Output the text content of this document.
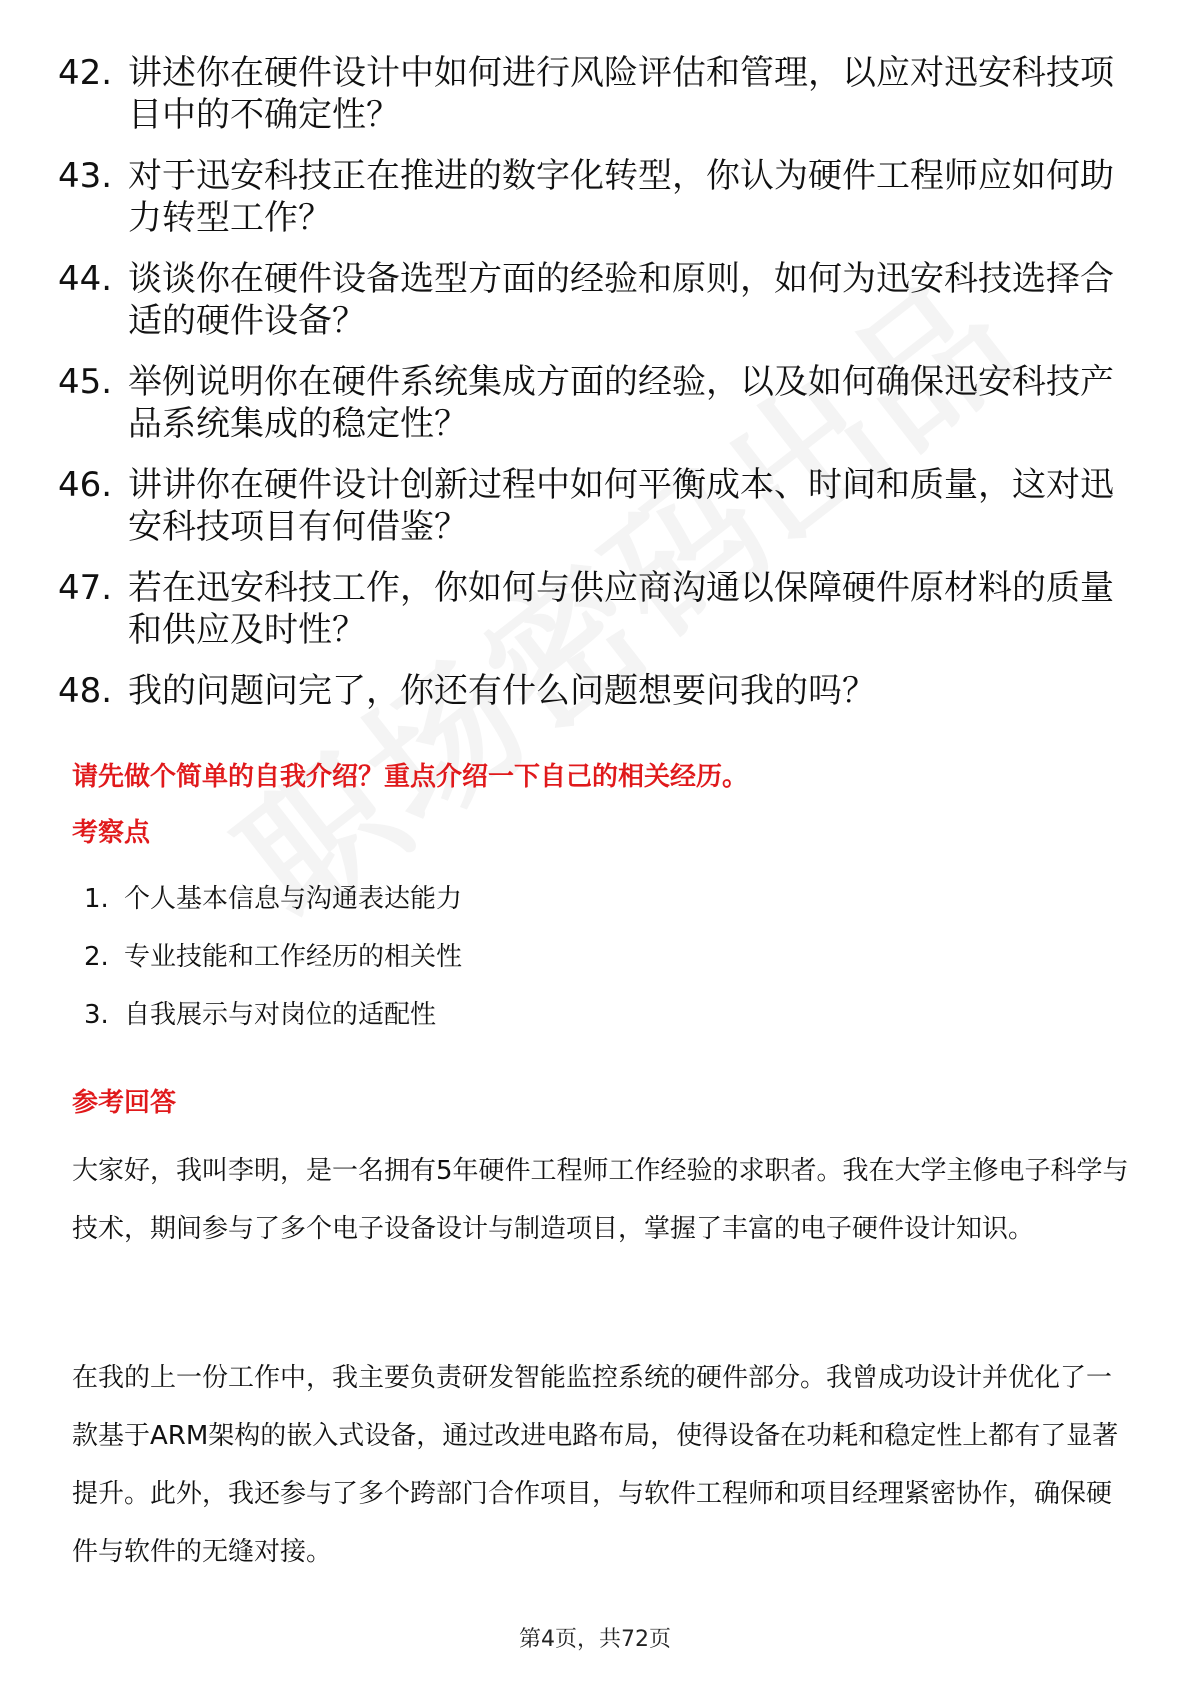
42. 讲述你在硬件设计中如何进行风险评估和管理，以应对迅安科技项目中的不确定性？
43. 对于迅安科技正在推进的数字化转型，你认为硬件工程师应如何助力转型工作？
44. 谈谈你在硬件设备选型方面的经验和原则，如何为迅安科技选择合适的硬件设备？
45. 举例说明你在硬件系统集成方面的经验，以及如何确保迅安科技产品系统集成的稳定性？
46. 讲讲你在硬件设计创新过程中如何平衡成本、时间和质量，这对迅安科技项目有何借鉴？
47. 若在迅安科技工作，你如何与供应商沟通以保障硬件原材料的质量和供应及时性？
48. 我的问题问完了，你还有什么问题想要问我的吗？
请先做个简单的自我介绍？重点介绍一下自己的相关经历。
考察点
1. 个人基本信息与沟通表达能力
2. 专业技能和工作经历的相关性
3. 自我展示与对岗位的适配性
参考回答
大家好，我叫李明，是一名拥有5年硬件工程师工作经验的求职者。我在大学主修电子科学与技术，期间参与了多个电子设备设计与制造项目，掌握了丰富的电子硬件设计知识。
在我的上一份工作中，我主要负责研发智能监控系统的硬件部分。我曾成功设计并优化了一款基于ARM架构的嵌入式设备，通过改进电路布局，使得设备在功耗和稳定性上都有了显著提升。此外，我还参与了多个跨部门合作项目，与软件工程师和项目经理紧密协作，确保硬件与软件的无缝对接。
第4页，共72页
